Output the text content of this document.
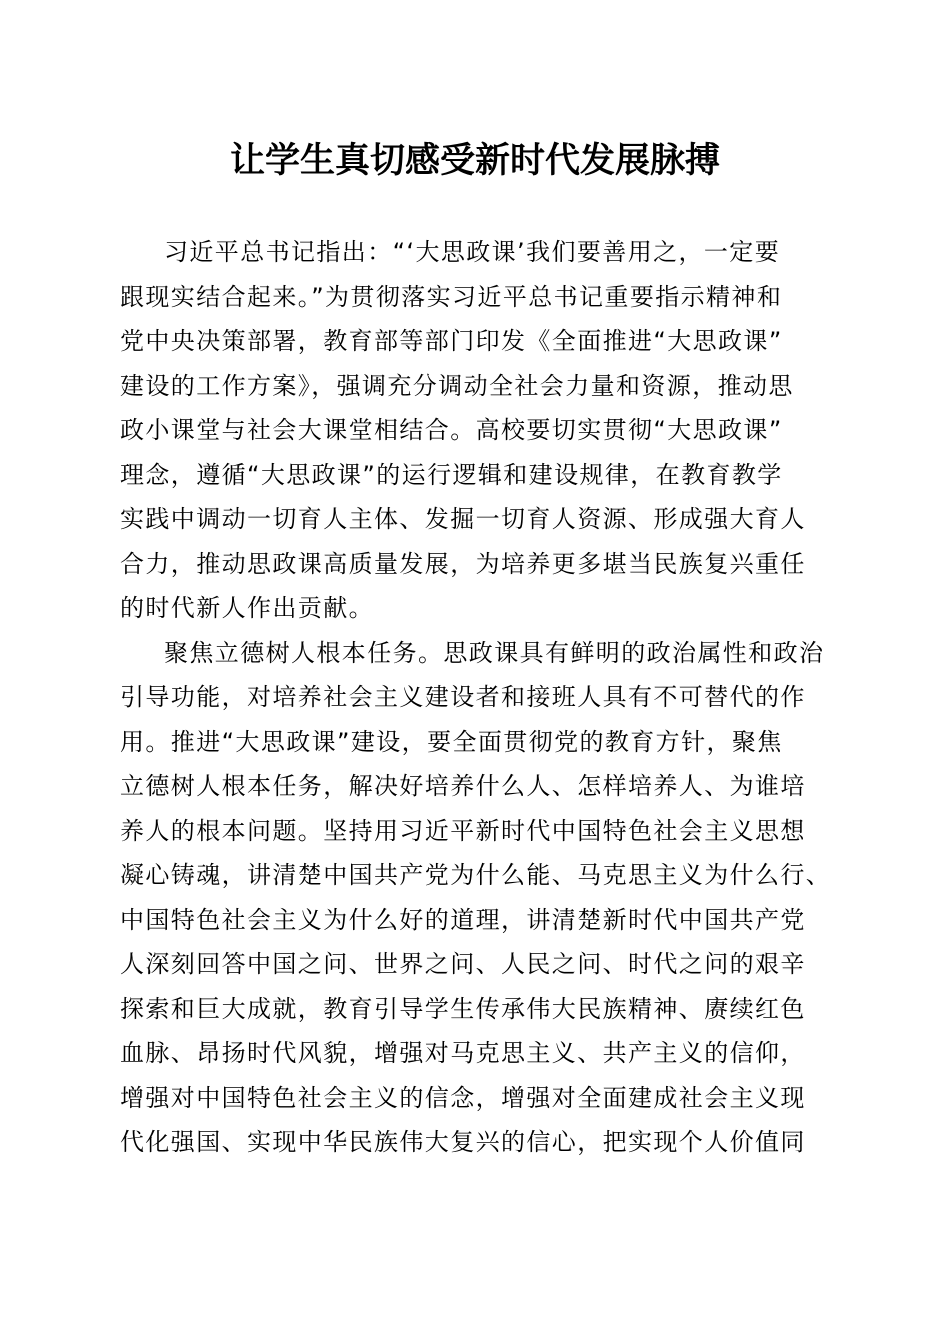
让学生真切感受新时代发展脉搏
习近平总书记指出：“‘大思政课’我们要善用之，一定要
跟现实结合起来。”为贯彻落实习近平总书记重要指示精神和
党中央决策部署，教育部等部门印发《全面推进“大思政课”
建设的工作方案》，强调充分调动全社会力量和资源，推动思
政小课堂与社会大课堂相结合。高校要切实贯彻“大思政课”
理念，遵循“大思政课”的运行逻辑和建设规律，在教育教学
实践中调动一切育人主体、发掘一切育人资源、形成强大育人
合力，推动思政课高质量发展，为培养更多堪当民族复兴重任
的时代新人作出贡献。
聚焦立德树人根本任务。思政课具有鲜明的政治属性和政治
引导功能，对培养社会主义建设者和接班人具有不可替代的作
用。推进“大思政课”建设，要全面贯彻党的教育方针，聚焦
立德树人根本任务，解决好培养什么人、怎样培养人、为谁培
养人的根本问题。坚持用习近平新时代中国特色社会主义思想
凝心铸魂，讲清楚中国共产党为什么能、马克思主义为什么行、
中国特色社会主义为什么好的道理，讲清楚新时代中国共产党
人深刻回答中国之问、世界之问、人民之问、时代之问的艰辛
探索和巨大成就，教育引导学生传承伟大民族精神、赓续红色
血脉、昂扬时代风貌，增强对马克思主义、共产主义的信仰，
增强对中国特色社会主义的信念，增强对全面建成社会主义现
代化强国、实现中华民族伟大复兴的信心，把实现个人价值同
